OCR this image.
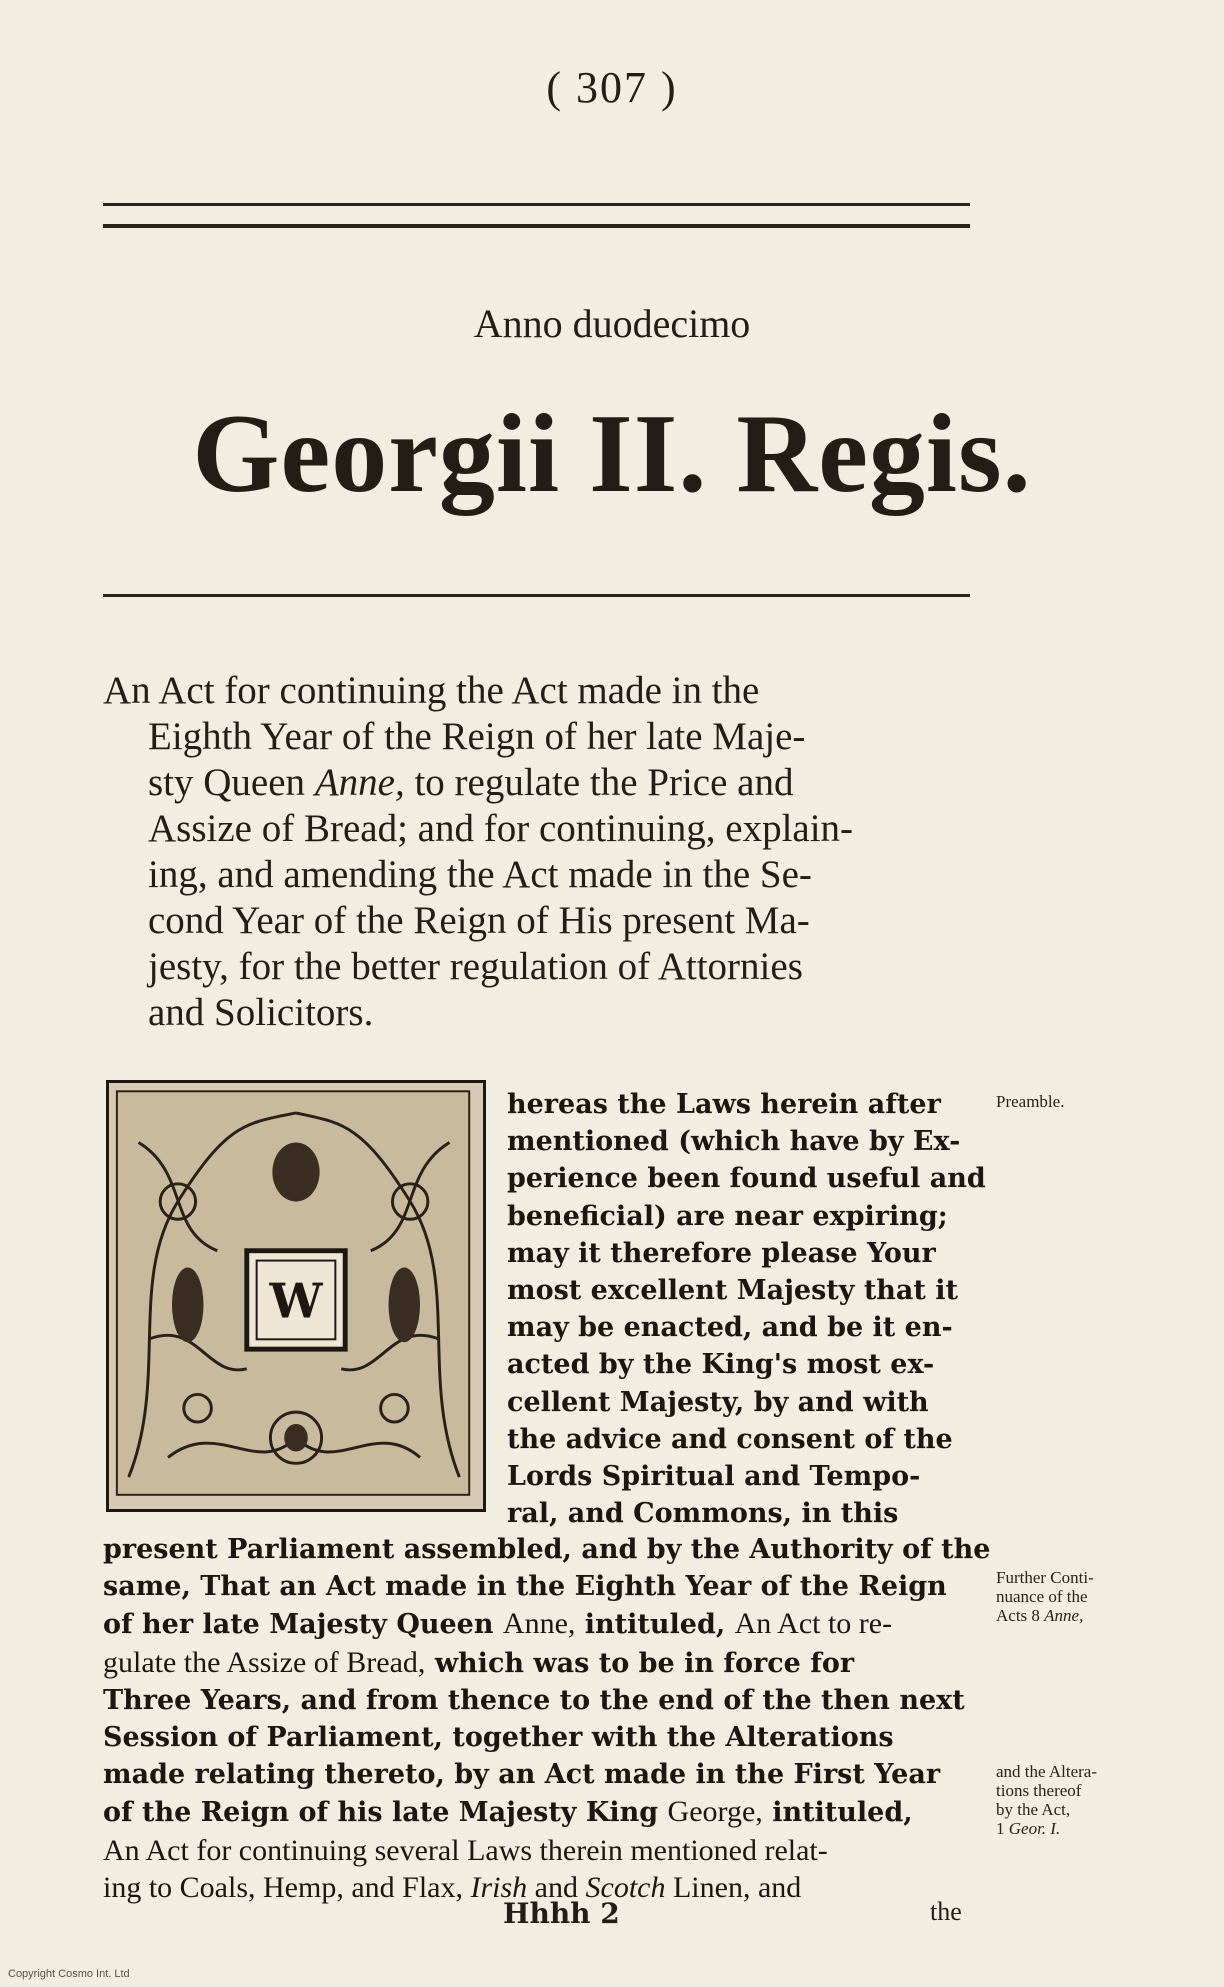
( 307 )
Anno duodecimo
Georgii II. Regis.
An Act for continuing the Act made in the
Eighth Year of the Reign of her late Maje-
sty Queen Anne, to regulate the Price and
Assize of Bread; and for continuing, explain-
ing, and amending the Act made in the Se-
cond Year of the Reign of His present Ma-
jesty, for the better regulation of Attornies
and Solicitors.
W
hereas the Laws herein after
mentioned (which have by Ex-
perience been found useful and
beneficial) are near expiring;
may it therefore please Your
most excellent Majesty that it
may be enacted, and be it en-
acted by the King's most ex-
cellent Majesty, by and with
the advice and consent of the
Lords Spiritual and Tempo-
ral, and Commons, in this
present Parliament assembled, and by the Authority of the
same, That an Act made in the Eighth Year of the Reign
of her late Majesty Queen Anne, intituled, An Act to re-
gulate the Assize of Bread, which was to be in force for
Three Years, and from thence to the end of the then next
Session of Parliament, together with the Alterations
made relating thereto, by an Act made in the First Year
of the Reign of his late Majesty King George, intituled,
An Act for continuing several Laws therein mentioned relat-
ing to Coals, Hemp, and Flax, Irish and Scotch Linen, and
Preamble.
Further Conti-
nuance of the
Acts 8 Anne,
and the Altera-
tions thereof
by the Act,
1 Geor. I.
Hhhh 2	the
Copyright Cosmo Int. Ltd
